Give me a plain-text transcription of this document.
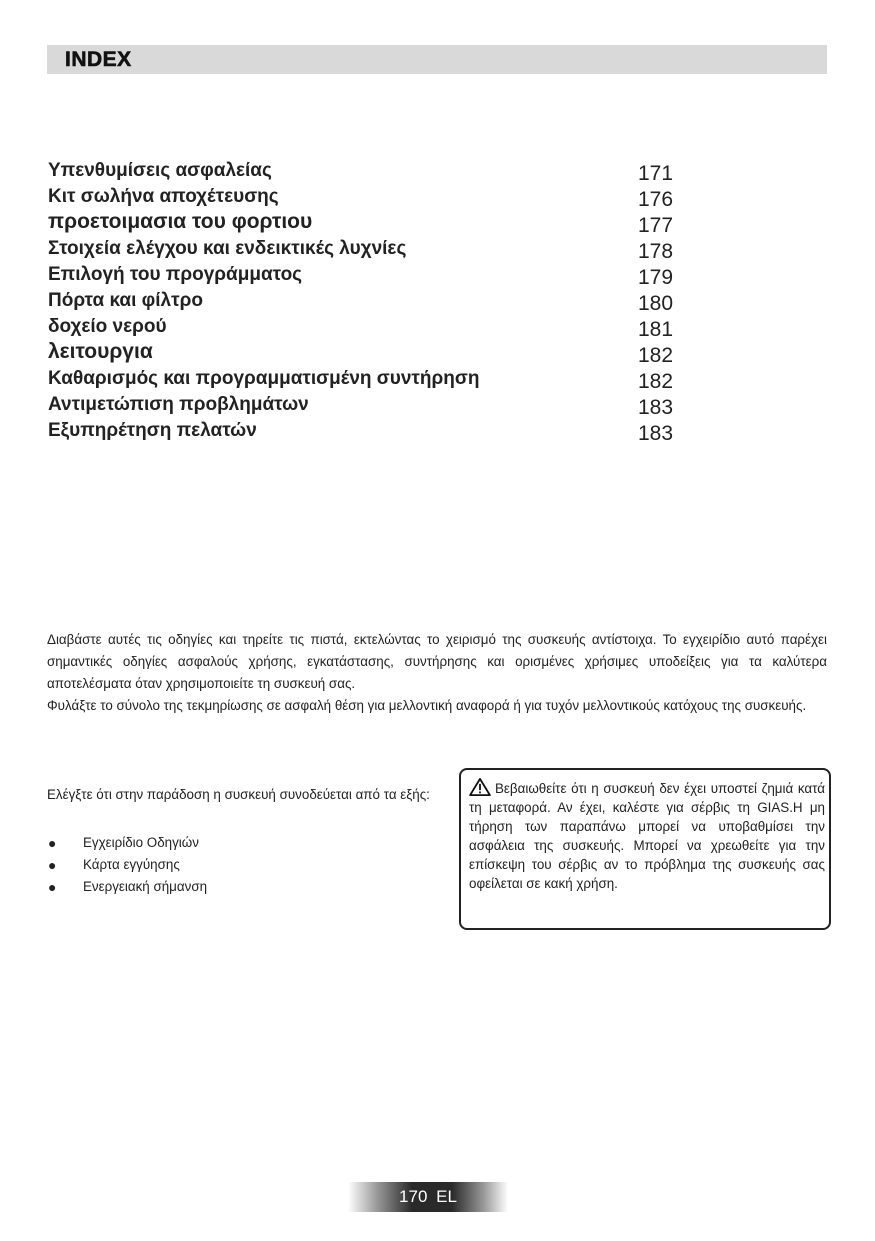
INDEX
Υπενθυμίσεις ασφαλείας	171
Κιτ σωλήνα αποχέτευσης	176
προετοιμασια του φορτιου	177
Στοιχεία ελέγχου και ενδεικτικές λυχνίες	178
Επιλογή του προγράμματος	179
Πόρτα και φίλτρο	180
δοχείο νερού	181
λειτουργια	182
Καθαρισμός και προγραμματισμένη συντήρηση	182
Αντιμετώπιση προβλημάτων	183
Εξυπηρέτηση πελατών	183

Διαβάστε αυτές τις οδηγίες και τηρείτε τις πιστά, εκτελώντας το χειρισμό της συσκευής αντίστοιχα. Το εγχειρίδιο αυτό παρέχει σημαντικές οδηγίες ασφαλούς χρήσης, εγκατάστασης, συντήρησης και ορισμένες χρήσιμες υποδείξεις για τα καλύτερα αποτελέσματα όταν χρησιμοποιείτε τη συσκευή σας.

Φυλάξτε το σύνολο της τεκμηρίωσης σε ασφαλή θέση για μελλοντική αναφορά ή για τυχόν μελλοντικούς κατόχους της συσκευής.

Ελέγξτε ότι στην παράδοση η συσκευή συνοδεύεται από τα εξής:

● Εγχειρίδιο Οδηγιών
● Κάρτα εγγύησης
● Ενεργειακή σήμανση

Βεβαιωθείτε ότι η συσκευή δεν έχει υποστεί ζημιά κατά τη μεταφορά. Αν έχει, καλέστε για σέρβις τη GIAS.H μη τήρηση των παραπάνω μπορεί να υποβαθμίσει την ασφάλεια της συσκευής. Μπορεί να χρεωθείτε για την επίσκεψη του σέρβις αν το πρόβλημα της συσκευής σας οφείλεται σε κακή χρήση.

170 EL
